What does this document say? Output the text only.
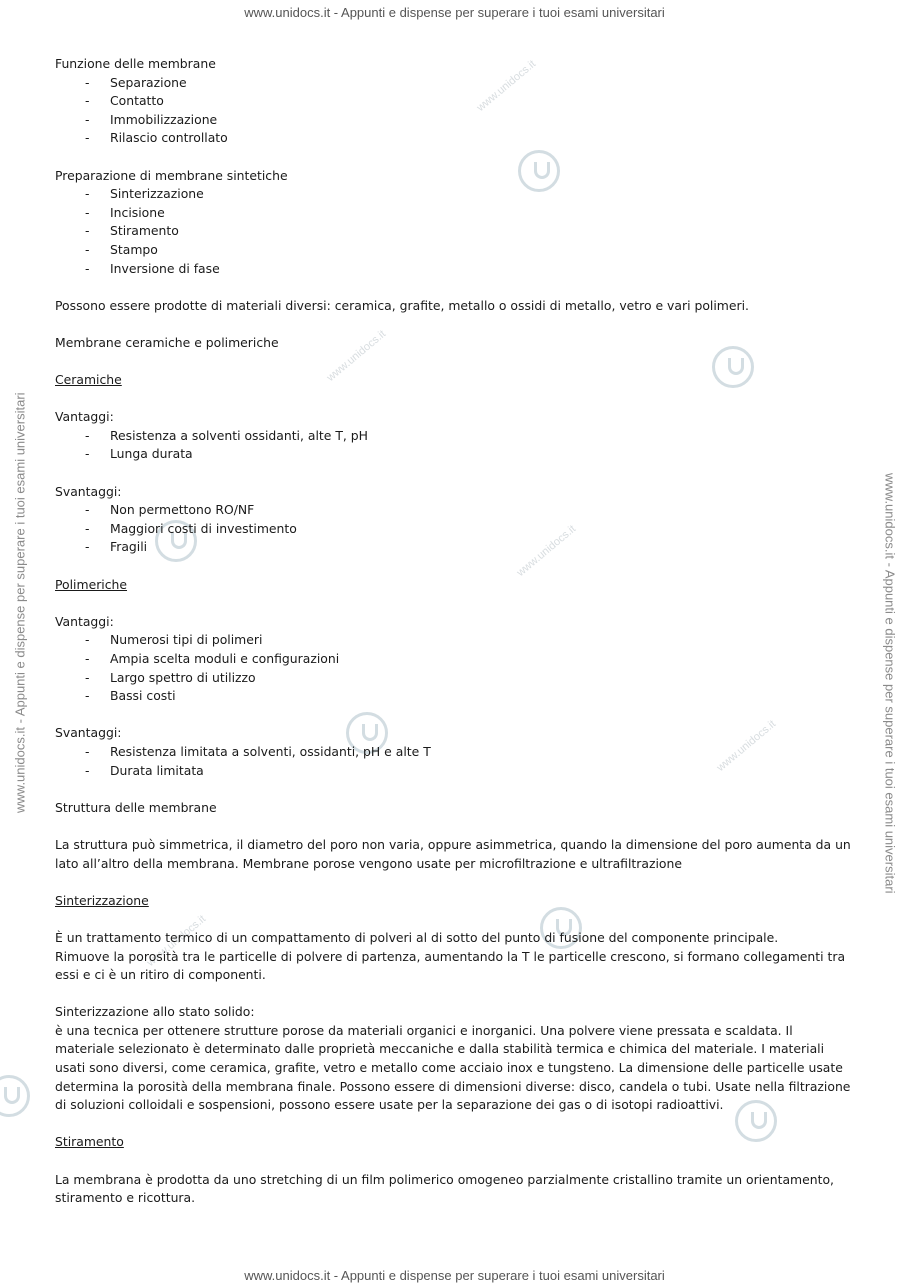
www.unidocs.it - Appunti e dispense per superare i tuoi esami universitari
www.unidocs.it - Appunti e dispense per superare i tuoi esami universitari
www.unidocs.it - Appunti e dispense per superare i tuoi esami universitari	www.unidocs.it - Appunti e dispense per superare i tuoi esami universitari
www.unidocs.it
www.unidocs.it
www.unidocs.it
www.unidocs.it
www.unidocs.it

Funzione delle membrane

- Separazione
- Contatto
- Immobilizzazione
- Rilascio controllato

Preparazione di membrane sintetiche

- Sinterizzazione
- Incisione
- Stiramento
- Stampo
- Inversione di fase

Possono essere prodotte di materiali diversi: ceramica, grafite, metallo o ossidi di metallo, vetro e vari polimeri.

Membrane ceramiche e polimeriche

Ceramiche

Vantaggi:

- Resistenza a solventi ossidanti, alte T, pH
- Lunga durata

Svantaggi:

- Non permettono RO/NF
- Maggiori costi di investimento
- Fragili

Polimeriche

Vantaggi:

- Numerosi tipi di polimeri
- Ampia scelta moduli e configurazioni
- Largo spettro di utilizzo
- Bassi costi

Svantaggi:

- Resistenza limitata a solventi, ossidanti, pH e alte T
- Durata limitata

Struttura delle membrane

La struttura può simmetrica, il diametro del poro non varia, oppure asimmetrica, quando la dimensione del poro aumenta da un lato all’altro della membrana. Membrane porose vengono usate per microfiltrazione e ultrafiltrazione

Sinterizzazione

È un trattamento termico di un compattamento di polveri al di sotto del punto di fusione del componente principale.

Rimuove la porosità tra le particelle di polvere di partenza, aumentando la T le particelle crescono, si formano collegamenti tra essi e ci è un ritiro di componenti.

Sinterizzazione allo stato solido:

è una tecnica per ottenere strutture porose da materiali organici e inorganici. Una polvere viene pressata e scaldata. Il materiale selezionato è determinato dalle proprietà meccaniche e dalla stabilità termica e chimica del materiale. I materiali usati sono diversi, come ceramica, grafite, vetro e metallo come acciaio inox e tungsteno. La dimensione delle particelle usate determina la porosità della membrana finale. Possono essere di dimensioni diverse: disco, candela o tubi. Usate nella filtrazione di soluzioni colloidali e sospensioni, possono essere usate per la separazione dei gas o di isotopi radioattivi.

Stiramento

La membrana è prodotta da uno stretching di un film polimerico omogeneo parzialmente cristallino tramite un orientamento, stiramento e ricottura.
